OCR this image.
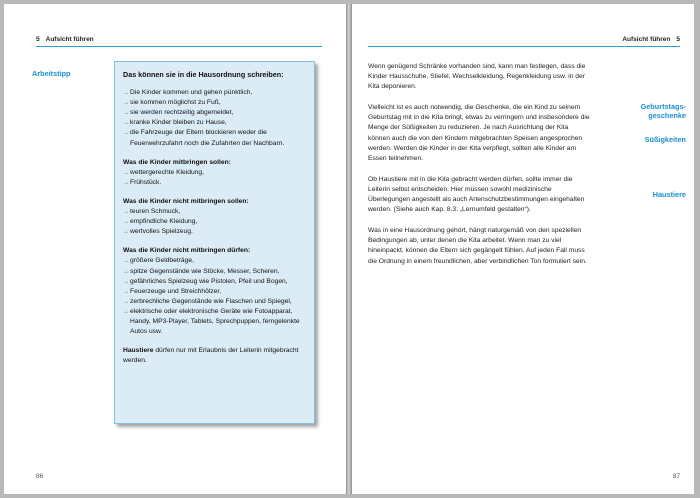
5 Aufsicht führen
Arbeitstipp	Das können sie in die Hausordnung schreiben:
→ Die Kinder kommen und gehen pünktlich,
→ sie kommen möglichst zu Fuß,
→ sie werden rechtzeitig abgemeldet,
→ kranke Kinder bleiben zu Hause,
→ die Fahrzeuge der Eltern blockieren weder die Feuerwehrzufahrt noch die Zufahrten der Nachbarn.
Was die Kinder mitbringen sollen:
→ wettergerechte Kleidung,
→ Frühstück.
Was die Kinder nicht mitbringen sollen:
→ teuren Schmuck,
→ empfindliche Kleidung,
→ wertvolles Spielzeug.
Was die Kinder nicht mitbringen dürfen:
→ größere Geldbeträge,
→ spitze Gegenstände wie Stöcke, Messer, Scheren,
→ gefährliches Spielzeug wie Pistolen, Pfeil und Bogen,
→ Feuerzeuge und Streichhölzer,
→ zerbrechliche Gegenstände wie Flaschen und Spiegel,
→ elektrische oder elektronische Geräte wie Fotoapparat, Handy, MP3-Player, Tablets, Sprechpuppen, ferngelenkte Autos usw.
Haustiere dürfen nur mit Erlaubnis der Leiterin mitgebracht werden.
86
Aufsicht führen 5

Wenn genügend Schränke vorhanden sind, kann man festlegen, dass die Kinder Hausschuhe, Stiefel, Wechselkleidung, Regenkleidung usw. in der Kita deponieren.

Vielleicht ist es auch notwendig, die Geschenke, die ein Kind zu seinem Geburtstag mit in die Kita bringt, etwas zu verringern und insbesondere die Menge der Süßigkeiten zu reduzieren. Je nach Ausrichtung der Kita können auch die von den Kindern mitgebrachten Speisen angesprochen werden. Werden die Kinder in der Kita verpflegt, sollten alle Kinder am Essen teilnehmen.

Ob Haustiere mit in die Kita gebracht werden dürfen, sollte immer die Leiterin selbst entscheiden. Hier müssen sowohl medizinische Überlegungen angestellt als auch Artenschutzbestimmungen eingehalten werden. (Siehe auch Kap. 8.3: „Lernumfeld gestalten“).

Was in eine Hausordnung gehört, hängt naturgemäß von den speziellen Bedingungen ab, unter denen die Kita arbeitet. Wenn man zu viel hineinpackt, können die Eltern sich gegängelt fühlen. Auf jeden Fall muss die Ordnung in einem freundlichen, aber verbindlichen Ton formuliert sein.

Geburtstags-
geschenke
Süßigkeiten
Haustiere
87
